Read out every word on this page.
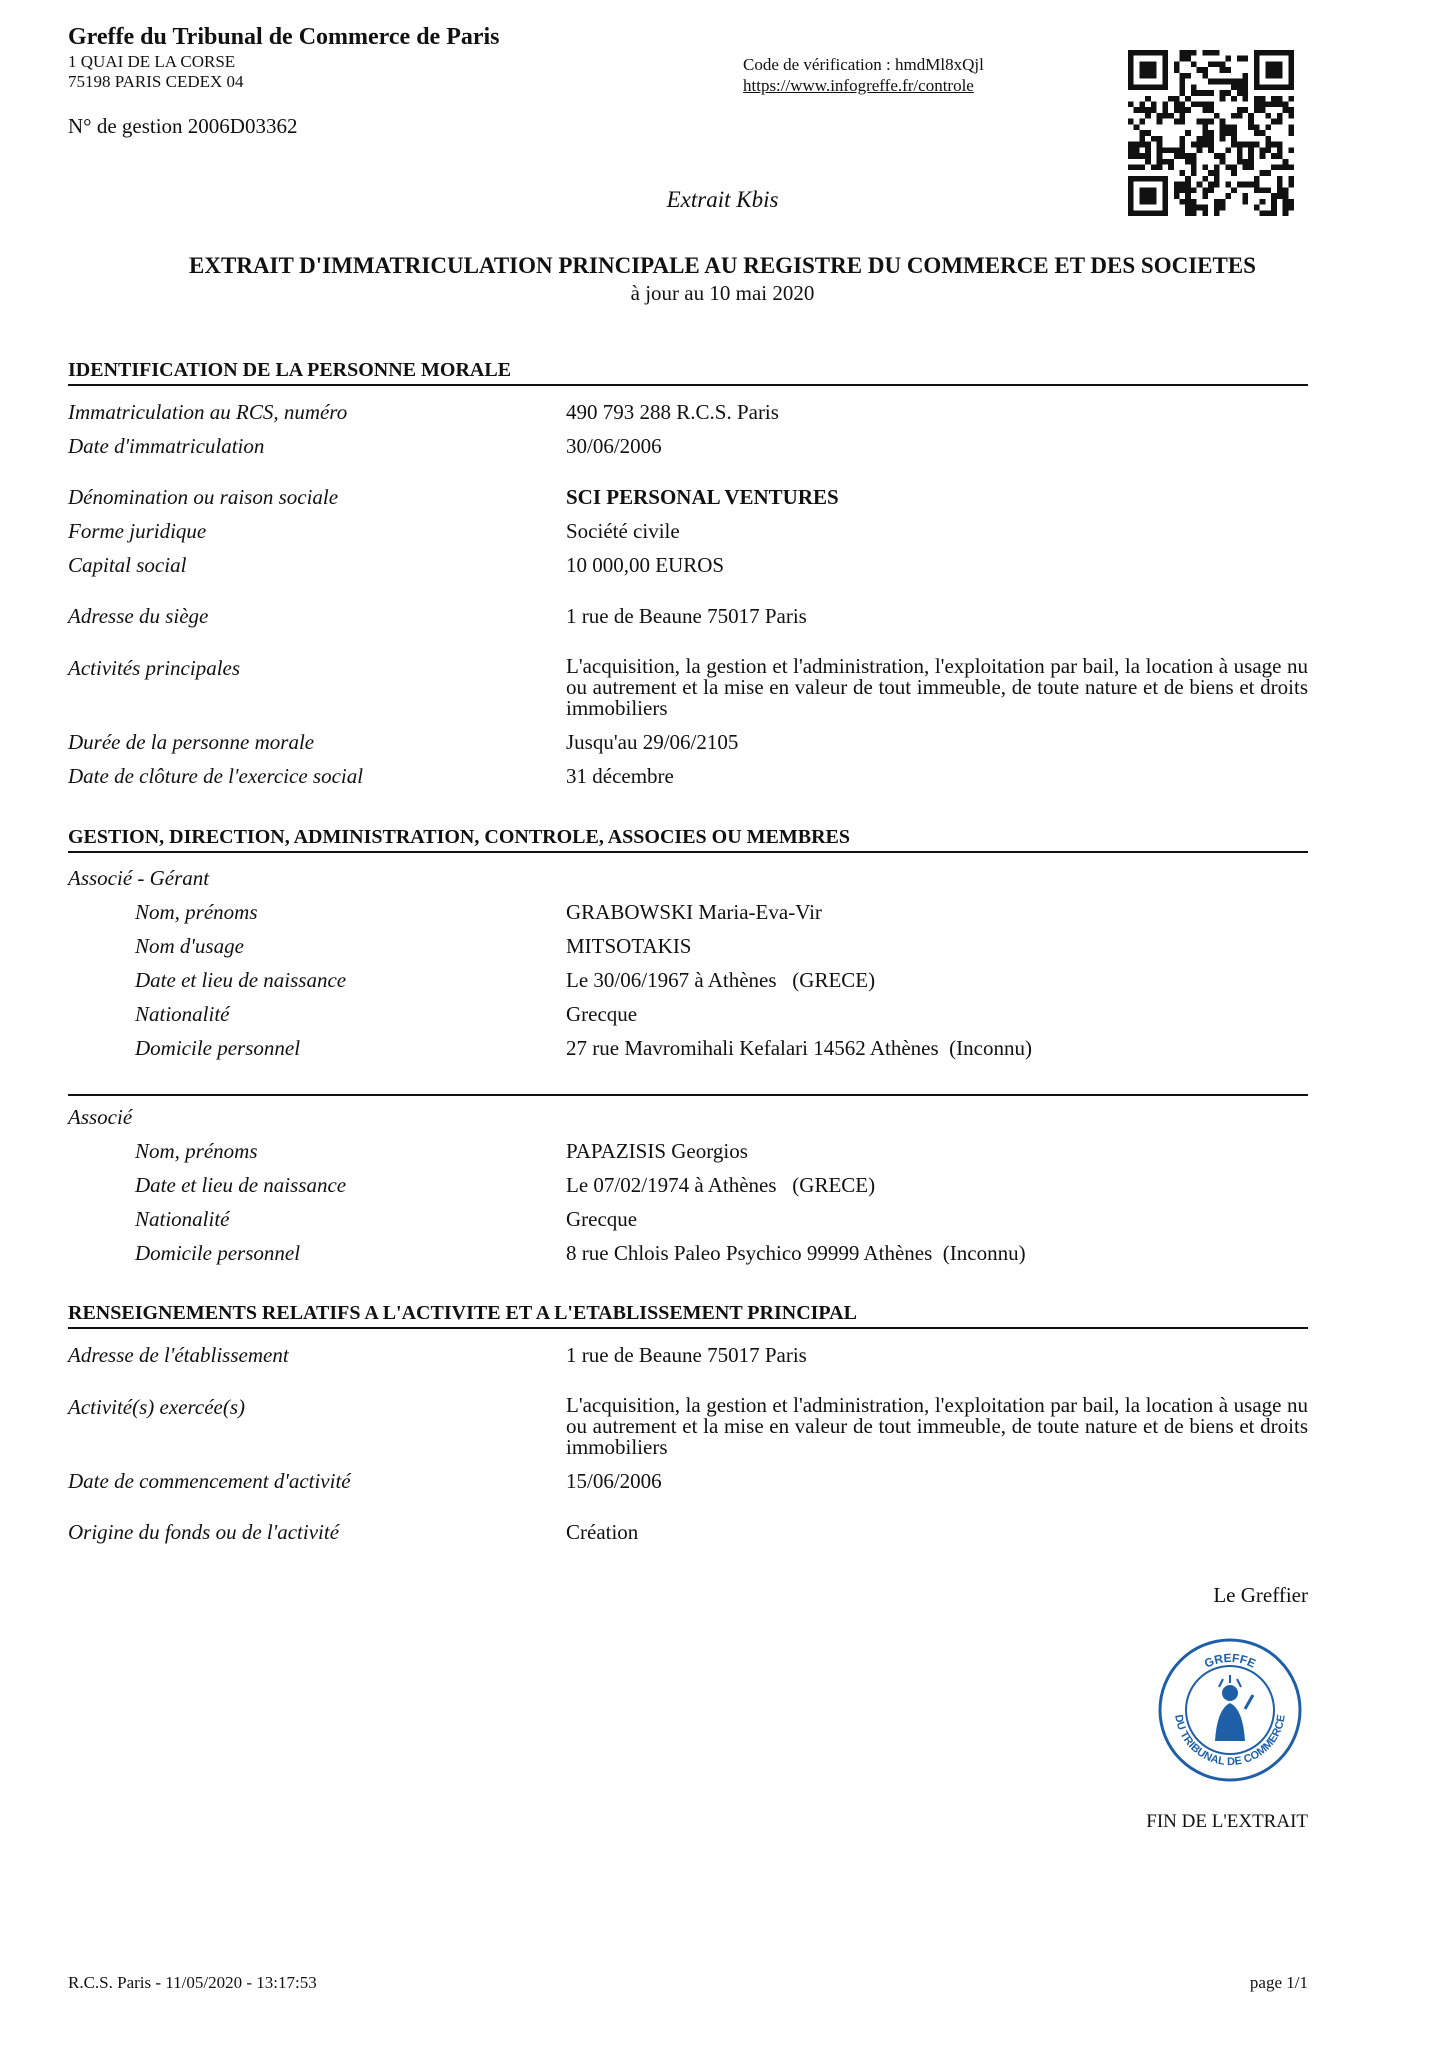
Greffe du Tribunal de Commerce de Paris
1 QUAI DE LA CORSE
75198 PARIS CEDEX 04
N° de gestion 2006D03362
Code de vérification : hmdMl8xQjl
https://www.infogreffe.fr/controle
Extrait Kbis
EXTRAIT D'IMMATRICULATION PRINCIPALE AU REGISTRE DU COMMERCE ET DES SOCIETES
à jour au 10 mai 2020
IDENTIFICATION DE LA PERSONNE MORALE
Immatriculation au RCS, numéro	490 793 288 R.C.S. Paris
Date d'immatriculation	30/06/2006
Dénomination ou raison sociale	SCI PERSONAL VENTURES
Forme juridique	Société civile
Capital social	10 000,00 EUROS
Adresse du siège	1 rue de Beaune 75017 Paris
Activités principales	L'acquisition, la gestion et l'administration, l'exploitation par bail, la location à usage nu ou autrement et la mise en valeur de tout immeuble, de toute nature et de biens et droits immobiliers
Durée de la personne morale	Jusqu'au 29/06/2105
Date de clôture de l'exercice social	31 décembre
GESTION, DIRECTION, ADMINISTRATION, CONTROLE, ASSOCIES OU MEMBRES
Associé - Gérant
Nom, prénoms	GRABOWSKI Maria-Eva-Vir
Nom d'usage	MITSOTAKIS
Date et lieu de naissance	Le 30/06/1967 à Athènes   (GRECE)
Nationalité	Grecque
Domicile personnel	27 rue Mavromihali Kefalari 14562 Athènes  (Inconnu)
Associé
Nom, prénoms	PAPAZISIS Georgios
Date et lieu de naissance	Le 07/02/1974 à Athènes   (GRECE)
Nationalité	Grecque
Domicile personnel	8 rue Chlois Paleo Psychico 99999 Athènes  (Inconnu)
RENSEIGNEMENTS RELATIFS A L'ACTIVITE ET A L'ETABLISSEMENT PRINCIPAL
Adresse de l'établissement	1 rue de Beaune 75017 Paris
Activité(s) exercée(s)	L'acquisition, la gestion et l'administration, l'exploitation par bail, la location à usage nu ou autrement et la mise en valeur de tout immeuble, de toute nature et de biens et droits immobiliers
Date de commencement d'activité	15/06/2006
Origine du fonds ou de l'activité	Création
Le Greffier
GREFFE
DU TRIBUNAL DE COMMERCE
FIN DE L'EXTRAIT
R.C.S. Paris - 11/05/2020 - 13:17:53	page 1/1
